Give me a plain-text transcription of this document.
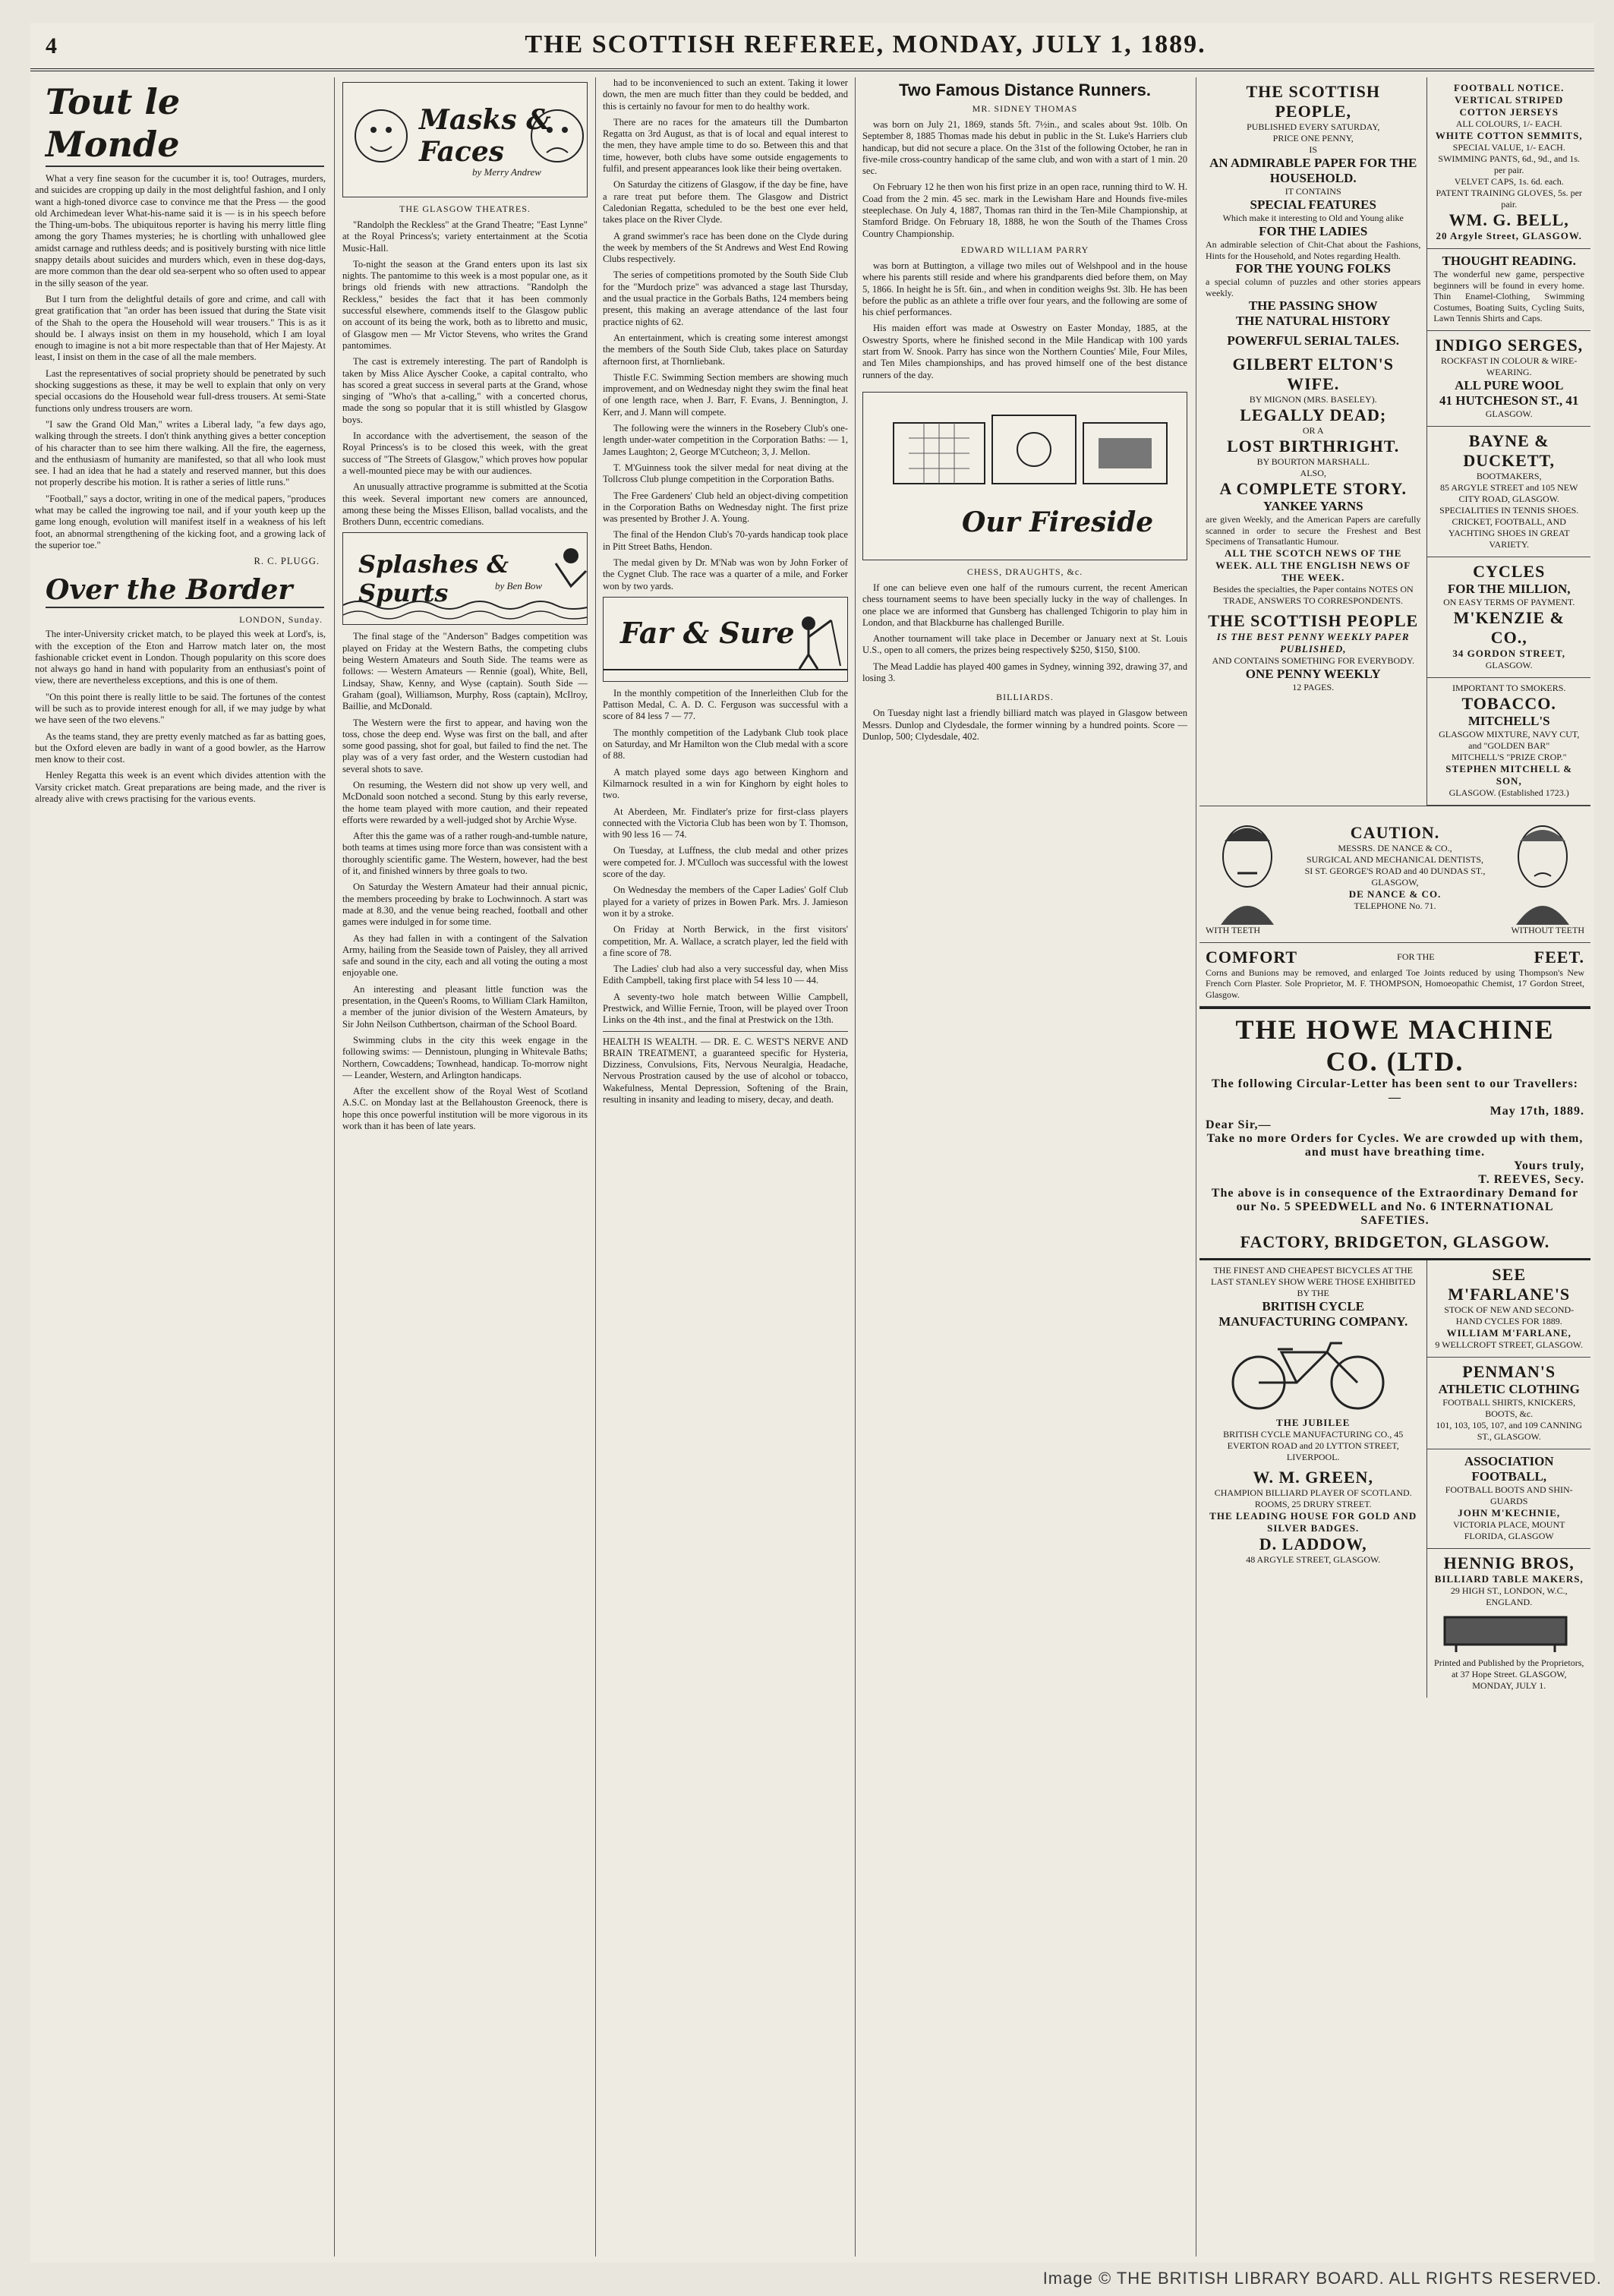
4	THE SCOTTISH REFEREE, MONDAY, JULY 1, 1889.
Tout le Monde

What a very fine season for the cucumber it is, too! Outrages, murders, and suicides are cropping up daily in the most delightful fashion, and I only want a high-toned divorce case to convince me that the Press — the good old Archimedean lever What-his-name said it is — is in his speech before the Thing-um-bobs. The ubiquitous reporter is having his merry little fling among the gory Thames mysteries; he is chortling with unhallowed glee amidst carnage and ruthless deeds; and is positively bursting with nice little snappy details about suicides and murders which, even in these dog-days, are more common than the dear old sea-serpent who so often used to appear in the silly season of the year.

But I turn from the delightful details of gore and crime, and call with great gratification that "an order has been issued that during the State visit of the Shah to the opera the Household will wear trousers." This is as it should be. I always insist on them in my household, which I am loyal enough to imagine is not a bit more respectable than that of Her Majesty. At least, I insist on them in the case of all the male members.

Last the representatives of social propriety should be penetrated by such shocking suggestions as these, it may be well to explain that only on very special occasions do the Household wear full-dress trousers. At semi-State functions only undress trousers are worn.

"I saw the Grand Old Man," writes a Liberal lady, "a few days ago, walking through the streets. I don't think anything gives a better conception of his character than to see him there walking. All the fire, the eagerness, and the enthusiasm of humanity are manifested, so that all who look must see. I had an idea that he had a stately and reserved manner, but this does not properly describe his motion. It is rather a series of little runs."

"Football," says a doctor, writing in one of the medical papers, "produces what may be called the ingrowing toe nail, and if your youth keep up the game long enough, evolution will manifest itself in a weakness of his left foot, an abnormal strengthening of the kicking foot, and a growing lack of the superior toe."

R. C. PLUGG.
Over the Border
LONDON, Sunday.

The inter-University cricket match, to be played this week at Lord's, is, with the exception of the Eton and Harrow match later on, the most fashionable cricket event in London. Though popularity on this score does not always go hand in hand with popularity from an enthusiast's point of view, there are nevertheless exceptions, and this is one of them.

"On this point there is really little to be said. The fortunes of the contest will be such as to provide interest enough for all, if we may judge by what we have seen of the two elevens."

As the teams stand, they are pretty evenly matched as far as batting goes, but the Oxford eleven are badly in want of a good bowler, as the Harrow men know to their cost.

Henley Regatta this week is an event which divides attention with the Varsity cricket match. Great preparations are being made, and the river is already alive with crews practising for the various events.

Masks & Faces
by Merry Andrew
THE GLASGOW THEATRES.

"Randolph the Reckless" at the Grand Theatre; "East Lynne" at the Royal Princess's; variety entertainment at the Scotia Music-Hall.

To-night the season at the Grand enters upon its last six nights. The pantomime to this week is a most popular one, as it brings old friends with new attractions. "Randolph the Reckless," besides the fact that it has been commonly successful elsewhere, commends itself to the Glasgow public on account of its being the work, both as to libretto and music, of Glasgow men — Mr Victor Stevens, who writes the Grand pantomimes.

The cast is extremely interesting. The part of Randolph is taken by Miss Alice Ayscher Cooke, a capital contralto, who has scored a great success in several parts at the Grand, whose singing of "Who's that a-calling," with a concerted chorus, made the song so popular that it is still whistled by Glasgow boys.

In accordance with the advertisement, the season of the Royal Princess's is to be closed this week, with the great success of "The Streets of Glasgow," which proves how popular a well-mounted piece may be with our audiences.

An unusually attractive programme is submitted at the Scotia this week. Several important new comers are announced, among these being the Misses Ellison, ballad vocalists, and the Brothers Dunn, eccentric comedians.

Splashes & Spurts	by Ben Bow

The final stage of the "Anderson" Badges competition was played on Friday at the Western Baths, the competing clubs being Western Amateurs and South Side. The teams were as follows: — Western Amateurs — Rennie (goal), White, Bell, Lindsay, Shaw, Kenny, and Wyse (captain). South Side — Graham (goal), Williamson, Murphy, Ross (captain), McIlroy, Baillie, and McDonald.

The Western were the first to appear, and having won the toss, chose the deep end. Wyse was first on the ball, and after some good passing, shot for goal, but failed to find the net. The play was of a very fast order, and the Western custodian had several shots to save.

On resuming, the Western did not show up very well, and McDonald soon notched a second. Stung by this early reverse, the home team played with more caution, and their repeated efforts were rewarded by a well-judged shot by Archie Wyse.

After this the game was of a rather rough-and-tumble nature, both teams at times using more force than was consistent with a thoroughly scientific game. The Western, however, had the best of it, and finished winners by three goals to two.

On Saturday the Western Amateur had their annual picnic, the members proceeding by brake to Lochwinnoch. A start was made at 8.30, and the venue being reached, football and other games were indulged in for some time.

As they had fallen in with a contingent of the Salvation Army, hailing from the Seaside town of Paisley, they all arrived safe and sound in the city, each and all voting the outing a most enjoyable one.

An interesting and pleasant little function was the presentation, in the Queen's Rooms, to William Clark Hamilton, a member of the junior division of the Western Amateurs, by Sir John Neilson Cuthbertson, chairman of the School Board.

Swimming clubs in the city this week engage in the following swims: — Dennistoun, plunging in Whitevale Baths; Northern, Cowcaddens; Townhead, handicap. To-morrow night — Leander, Western, and Arlington handicaps.

After the excellent show of the Royal West of Scotland A.S.C. on Monday last at the Bellahouston Greenock, there is hope this once powerful institution will be more vigorous in its work than it has been of late years.

had to be inconvenienced to such an extent. Taking it lower down, the men are much fitter than they could be bedded, and this is certainly no favour for men to do healthy work.

There are no races for the amateurs till the Dumbarton Regatta on 3rd August, as that is of local and equal interest to the men, they have ample time to do so. Between this and that time, however, both clubs have some outside engagements to fulfil, and present appearances look like their being overtaken.

On Saturday the citizens of Glasgow, if the day be fine, have a rare treat put before them. The Glasgow and District Caledonian Regatta, scheduled to be the best one ever held, takes place on the River Clyde.

A grand swimmer's race has been done on the Clyde during the week by members of the St Andrews and West End Rowing Clubs respectively.

The series of competitions promoted by the South Side Club for the "Murdoch prize" was advanced a stage last Thursday, and the usual practice in the Gorbals Baths, 124 members being present, this making an average attendance of the last four practice nights of 62.

An entertainment, which is creating some interest amongst the members of the South Side Club, takes place on Saturday afternoon first, at Thornliebank.

Thistle F.C. Swimming Section members are showing much improvement, and on Wednesday night they swim the final heat of one length race, when J. Barr, F. Evans, J. Bennington, J. Kerr, and J. Mann will compete.

The following were the winners in the Rosebery Club's one-length under-water competition in the Corporation Baths: — 1, James Laughton; 2, George M'Cutcheon; 3, J. Mellon.

T. M'Guinness took the silver medal for neat diving at the Tollcross Club plunge competition in the Corporation Baths.

The Free Gardeners' Club held an object-diving competition in the Corporation Baths on Wednesday night. The first prize was presented by Brother J. A. Young.

The final of the Hendon Club's 70-yards handicap took place in Pitt Street Baths, Hendon.

The medal given by Dr. M'Nab was won by John Forker of the Cygnet Club. The race was a quarter of a mile, and Forker won by two yards.

Far & Sure

In the monthly competition of the Innerleithen Club for the Pattison Medal, C. A. D. C. Ferguson was successful with a score of 84 less 7 — 77.

The monthly competition of the Ladybank Club took place on Saturday, and Mr Hamilton won the Club medal with a score of 88.

A match played some days ago between Kinghorn and Kilmarnock resulted in a win for Kinghorn by eight holes to two.

At Aberdeen, Mr. Findlater's prize for first-class players connected with the Victoria Club has been won by T. Thomson, with 90 less 16 — 74.

On Tuesday, at Luffness, the club medal and other prizes were competed for. J. M'Culloch was successful with the lowest score of the day.

On Wednesday the members of the Caper Ladies' Golf Club played for a variety of prizes in Bowen Park. Mrs. J. Jamieson won it by a stroke.

On Friday at North Berwick, in the first visitors' competition, Mr. A. Wallace, a scratch player, led the field with a fine score of 78.

The Ladies' club had also a very successful day, when Miss Edith Campbell, taking first place with 54 less 10 — 44.

A seventy-two hole match between Willie Campbell, Prestwick, and Willie Fernie, Troon, will be played over Troon Links on the 4th inst., and the final at Prestwick on the 13th.

HEALTH IS WEALTH. — DR. E. C. WEST'S NERVE AND BRAIN TREATMENT, a guaranteed specific for Hysteria, Dizziness, Convulsions, Fits, Nervous Neuralgia, Headache, Nervous Prostration caused by the use of alcohol or tobacco, Wakefulness, Mental Depression, Softening of the Brain, resulting in insanity and leading to misery, decay, and death.

Two Famous Distance Runners.
MR. SIDNEY THOMAS

was born on July 21, 1869, stands 5ft. 7½in., and scales about 9st. 10lb. On September 8, 1885 Thomas made his debut in public in the St. Luke's Harriers club handicap, but did not secure a place. On the 31st of the following October, he ran in five-mile cross-country handicap of the same club, and won with a start of 1 min. 20 sec.

On February 12 he then won his first prize in an open race, running third to W. H. Coad from the 2 min. 45 sec. mark in the Lewisham Hare and Hounds five-miles steeplechase. On July 4, 1887, Thomas ran third in the Ten-Mile Championship, at Stamford Bridge. On February 18, 1888, he won the South of the Thames Cross Country Championship.

EDWARD WILLIAM PARRY

was born at Buttington, a village two miles out of Welshpool and in the house where his parents still reside and where his grandparents died before them, on May 5, 1866. In height he is 5ft. 6in., and when in condition weighs 9st. 3lb. He has been before the public as an athlete a trifle over four years, and the following are some of his chief performances.

His maiden effort was made at Oswestry on Easter Monday, 1885, at the Oswestry Sports, where he finished second in the Mile Handicap with 100 yards start from W. Snook. Parry has since won the Northern Counties' Mile, Four Miles, and Ten Miles championships, and has proved himself one of the best distance runners of the day.

Our Fireside
CHESS, DRAUGHTS, &c.

If one can believe even one half of the rumours current, the recent American chess tournament seems to have been specially lucky in the way of challenges. In one place we are informed that Gunsberg has challenged Tchigorin to play him in London, and that Blackburne has challenged Burille.

Another tournament will take place in December or January next at St. Louis U.S., open to all comers, the prizes being respectively $250, $150, $100.

The Mead Laddie has played 400 games in Sydney, winning 392, drawing 37, and losing 3.

BILLIARDS.

On Tuesday night last a friendly billiard match was played in Glasgow between Messrs. Dunlop and Clydesdale, the former winning by a hundred points. Score — Dunlop, 500; Clydesdale, 402.

THE SCOTTISH PEOPLE,
PUBLISHED EVERY SATURDAY,
PRICE ONE PENNY,
IS
AN ADMIRABLE PAPER FOR THE HOUSEHOLD.
IT CONTAINS
SPECIAL FEATURES
Which make it interesting to Old and Young alike
FOR THE LADIES
An admirable selection of Chit-Chat about the Fashions, Hints for the Household, and Notes regarding Health.
FOR THE YOUNG FOLKS
a special column of puzzles and other stories appears weekly.
THE PASSING SHOW
THE NATURAL HISTORY
POWERFUL SERIAL TALES.
GILBERT ELTON'S WIFE.
BY MIGNON (MRS. BASELEY).
LEGALLY DEAD;
OR A
LOST BIRTHRIGHT.
BY BOURTON MARSHALL.
ALSO,
A COMPLETE STORY.
YANKEE YARNS
are given Weekly, and the American Papers are carefully scanned in order to secure the Freshest and Best Specimens of Transatlantic Humour.
ALL THE SCOTCH NEWS OF THE WEEK. ALL THE ENGLISH NEWS OF THE WEEK.
Besides the specialties, the Paper contains NOTES ON TRADE, ANSWERS TO CORRESPONDENTS.
THE SCOTTISH PEOPLE
IS THE BEST PENNY WEEKLY PAPER PUBLISHED,
AND CONTAINS SOMETHING FOR EVERYBODY.
ONE PENNY WEEKLY
12 PAGES.
FOOTBALL NOTICE.
VERTICAL STRIPED COTTON JERSEYS
ALL COLOURS, 1/- EACH.
WHITE COTTON SEMMITS,
SPECIAL VALUE, 1/- EACH.
SWIMMING PANTS, 6d., 9d., and 1s. per pair.
VELVET CAPS, 1s. 6d. each.
PATENT TRAINING GLOVES, 5s. per pair.
WM. G. BELL,
20 Argyle Street, GLASGOW.
THOUGHT READING.
The wonderful new game, perspective beginners will be found in every home. Thin Enamel-Clothing, Swimming Costumes, Boating Suits, Cycling Suits, Lawn Tennis Shirts and Caps.
INDIGO SERGES,
ROCKFAST IN COLOUR & WIRE-WEARING.
ALL PURE WOOL
41 HUTCHESON ST., 41
GLASGOW.
BAYNE & DUCKETT,
BOOTMAKERS,
85 ARGYLE STREET and 105 NEW CITY ROAD, GLASGOW.
SPECIALITIES IN TENNIS SHOES.
CRICKET, FOOTBALL, AND YACHTING SHOES IN GREAT VARIETY.
CYCLES
FOR THE MILLION,
ON EASY TERMS OF PAYMENT.
M'KENZIE & CO.,
34 GORDON STREET,
GLASGOW.
IMPORTANT TO SMOKERS.
TOBACCO.
MITCHELL'S
GLASGOW MIXTURE, NAVY CUT, and "GOLDEN BAR"
MITCHELL'S "PRIZE CROP."
STEPHEN MITCHELL & SON,
GLASGOW. (Established 1723.)
CAUTION.
MESSRS. DE NANCE & CO.,
SURGICAL AND MECHANICAL DENTISTS,
SI ST. GEORGE'S ROAD and 40 DUNDAS ST., GLASGOW,
DE NANCE & CO.
TELEPHONE No. 71.
WITH TEETH	WITHOUT TEETH
COMFORT	FOR THE	FEET.
Corns and Bunions may be removed, and enlarged Toe Joints reduced by using Thompson's New French Corn Plaster. Sole Proprietor, M. F. THOMPSON, Homoeopathic Chemist, 17 Gordon Street, Glasgow.
THE HOWE MACHINE CO. (LTD.
The following Circular-Letter has been sent to our Travellers:—
May 17th, 1889.
Dear Sir,—
Take no more Orders for Cycles. We are crowded up with them, and must have breathing time.
Yours truly,
T. REEVES, Secy.
The above is in consequence of the Extraordinary Demand for our No. 5 SPEEDWELL and No. 6 INTERNATIONAL SAFETIES.
FACTORY, BRIDGETON, GLASGOW.
THE FINEST AND CHEAPEST BICYCLES AT THE LAST STANLEY SHOW WERE THOSE EXHIBITED BY THE
BRITISH CYCLE MANUFACTURING COMPANY.
THE JUBILEE
BRITISH CYCLE MANUFACTURING CO., 45 EVERTON ROAD and 20 LYTTON STREET, LIVERPOOL.
W. M. GREEN,
CHAMPION BILLIARD PLAYER OF SCOTLAND.
ROOMS, 25 DRURY STREET.
THE LEADING HOUSE FOR GOLD AND SILVER BADGES.
D. LADDOW,
48 ARGYLE STREET, GLASGOW.
SEE M'FARLANE'S
STOCK OF NEW AND SECOND-HAND CYCLES FOR 1889.
WILLIAM M'FARLANE,
9 WELLCROFT STREET, GLASGOW.
PENMAN'S
ATHLETIC CLOTHING
FOOTBALL SHIRTS, KNICKERS, BOOTS, &c.
101, 103, 105, 107, and 109 CANNING ST., GLASGOW.
ASSOCIATION FOOTBALL,
FOOTBALL BOOTS AND SHIN-GUARDS
JOHN M'KECHNIE,
VICTORIA PLACE, MOUNT FLORIDA, GLASGOW
HENNIG BROS,
BILLIARD TABLE MAKERS,
29 HIGH ST., LONDON, W.C., ENGLAND.
Printed and Published by the Proprietors, at 37 Hope Street. GLASGOW, MONDAY, JULY 1.
Image © THE BRITISH LIBRARY BOARD. ALL RIGHTS RESERVED.
